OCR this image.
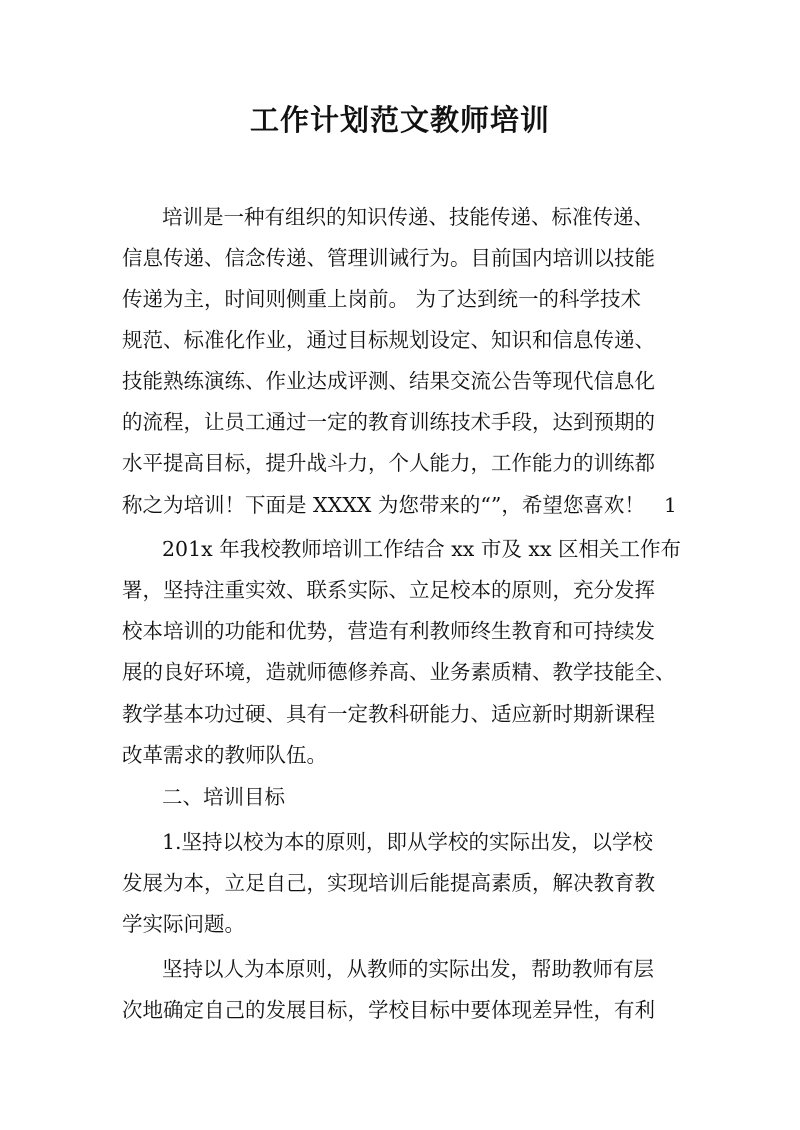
工作计划范文教师培训

培训是一种有组织的知识传递、技能传递、标准传递、

信息传递、信念传递、管理训诫行为。目前国内培训以技能

传递为主，时间则侧重上岗前。 为了达到统一的科学技术

规范、标准化作业，通过目标规划设定、知识和信息传递、

技能熟练演练、作业达成评测、结果交流公告等现代信息化

的流程，让员工通过一定的教育训练技术手段，达到预期的

水平提高目标，提升战斗力，个人能力，工作能力的训练都

称之为培训！下面是 XXXX 为您带来的“”，希望您喜欢！ 1

201x 年我校教师培训工作结合 xx 市及 xx 区相关工作布

署，坚持注重实效、联系实际、立足校本的原则，充分发挥

校本培训的功能和优势，营造有利教师终生教育和可持续发

展的良好环境，造就师德修养高、业务素质精、教学技能全、

教学基本功过硬、具有一定教科研能力、适应新时期新课程

改革需求的教师队伍。

二、培训目标

1.坚持以校为本的原则，即从学校的实际出发，以学校

发展为本，立足自己，实现培训后能提高素质，解决教育教

学实际问题。

坚持以人为本原则，从教师的实际出发，帮助教师有层

次地确定自己的发展目标，学校目标中要体现差异性，有利
